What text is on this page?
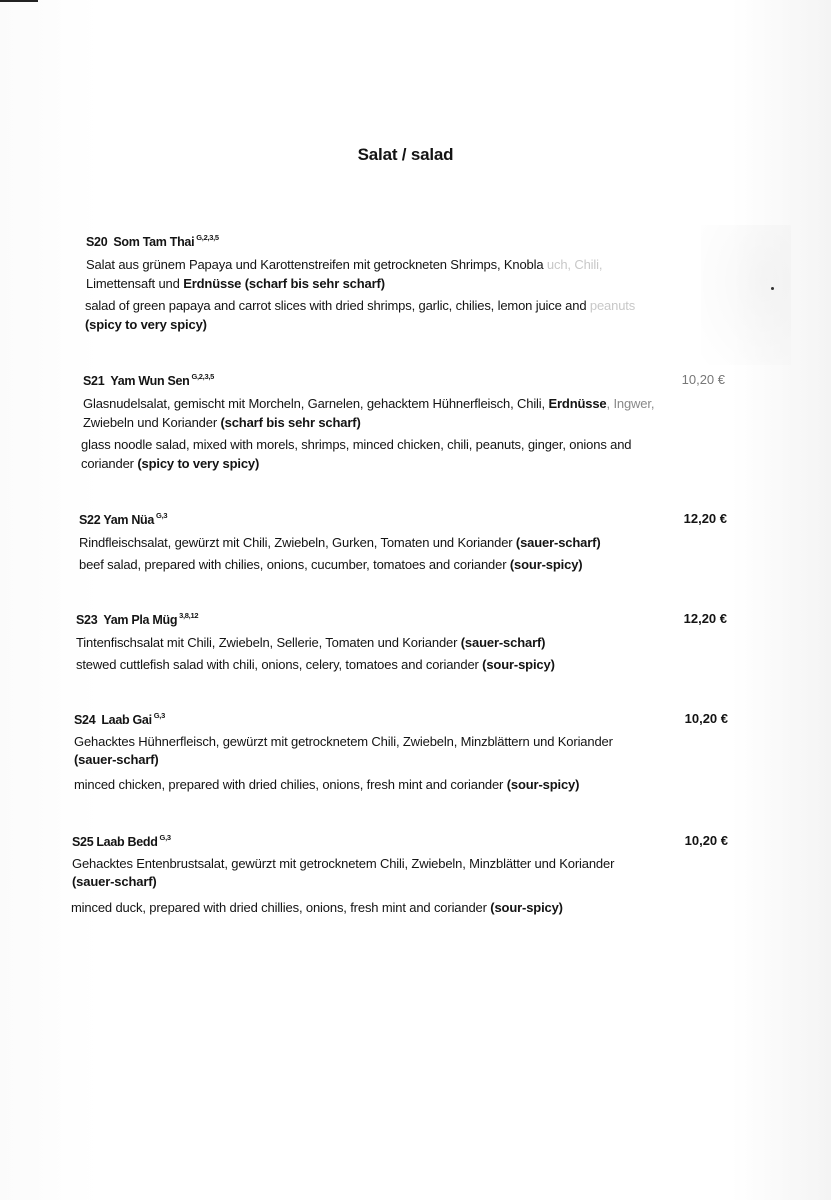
Salat / salad
S20 Som Tam Thai $^{G,2,3,5}$
Salat aus grünem Papaya und Karottenstreifen mit getrockneten Shrimps, Knobla uch, Chili,
Limettensaft und Erdnüsse (scharf bis sehr scharf)
salad of green papaya and carrot slices with dried shrimps, garlic, chilies, lemon juice and peanuts
(spicy to very spicy)
S21 Yam Wun Sen $^{G,2,3,5}$	10,20 €
Glasnudelsalat, gemischt mit Morcheln, Garnelen, gehacktem Hühnerfleisch, Chili, Erdnüsse, Ingwer,
Zwiebeln und Koriander (scharf bis sehr scharf)
glass noodle salad, mixed with morels, shrimps, minced chicken, chili, peanuts, ginger, onions and
coriander (spicy to very spicy)
S22 Yam Nüa $^{G,3}$	12,20 €
Rindfleischsalat, gewürzt mit Chili, Zwiebeln, Gurken, Tomaten und Koriander (sauer-scharf)
beef salad, prepared with chilies, onions, cucumber, tomatoes and coriander (sour-spicy)
S23 Yam Pla Müg $^{3,8,12}$	12,20 €
Tintenfischsalat mit Chili, Zwiebeln, Sellerie, Tomaten und Koriander (sauer-scharf)
stewed cuttlefish salad with chili, onions, celery, tomatoes and coriander (sour-spicy)
S24 Laab Gai $^{G,3}$	10,20 €
Gehacktes Hühnerfleisch, gewürzt mit getrocknetem Chili, Zwiebeln, Minzblättern und Koriander
(sauer-scharf)
minced chicken, prepared with dried chilies, onions, fresh mint and coriander (sour-spicy)
S25 Laab Bedd $^{G,3}$	10,20 €
Gehacktes Entenbrustsalat, gewürzt mit getrocknetem Chili, Zwiebeln, Minzblätter und Koriander
(sauer-scharf)
minced duck, prepared with dried chillies, onions, fresh mint and coriander (sour-spicy)
